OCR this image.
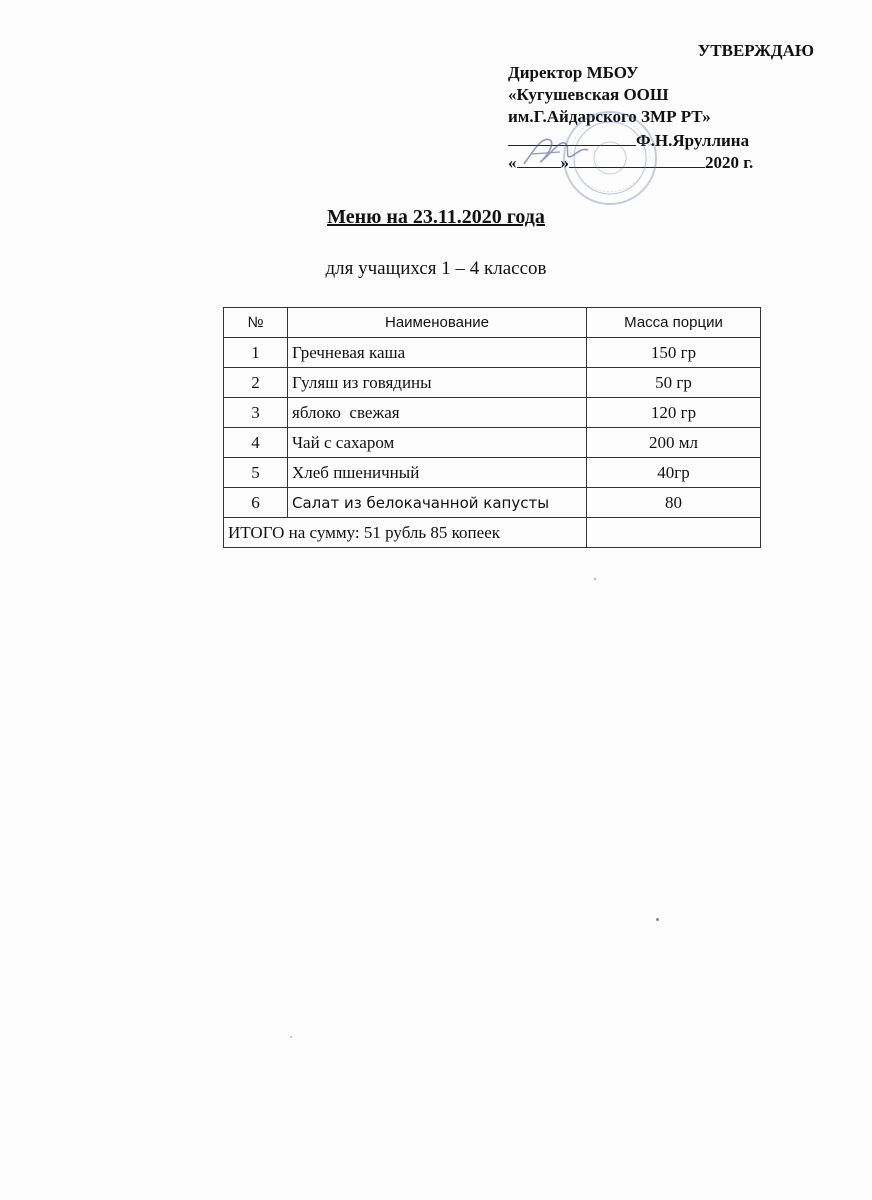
УТВЕРЖДАЮ
Директор МБОУ
«Кугушевская ООШ
им.Г.Айдарского ЗМР РТ»
Ф.Н.Яруллина
«	»	2020 г.
Меню на 23.11.2020 года
для учащихся 1 – 4 классов
№	Наименование	Масса порции
1	Гречневая каша	150 гр
2	Гуляш из говядины	50 гр
3	яблоко  свежая	120 гр
4	Чай с сахаром	200 мл
5	Хлеб пшеничный	40гр
6	Салат из белокачанной капусты	80
ИТОГО на сумму: 51 рубль 85 копеек		
